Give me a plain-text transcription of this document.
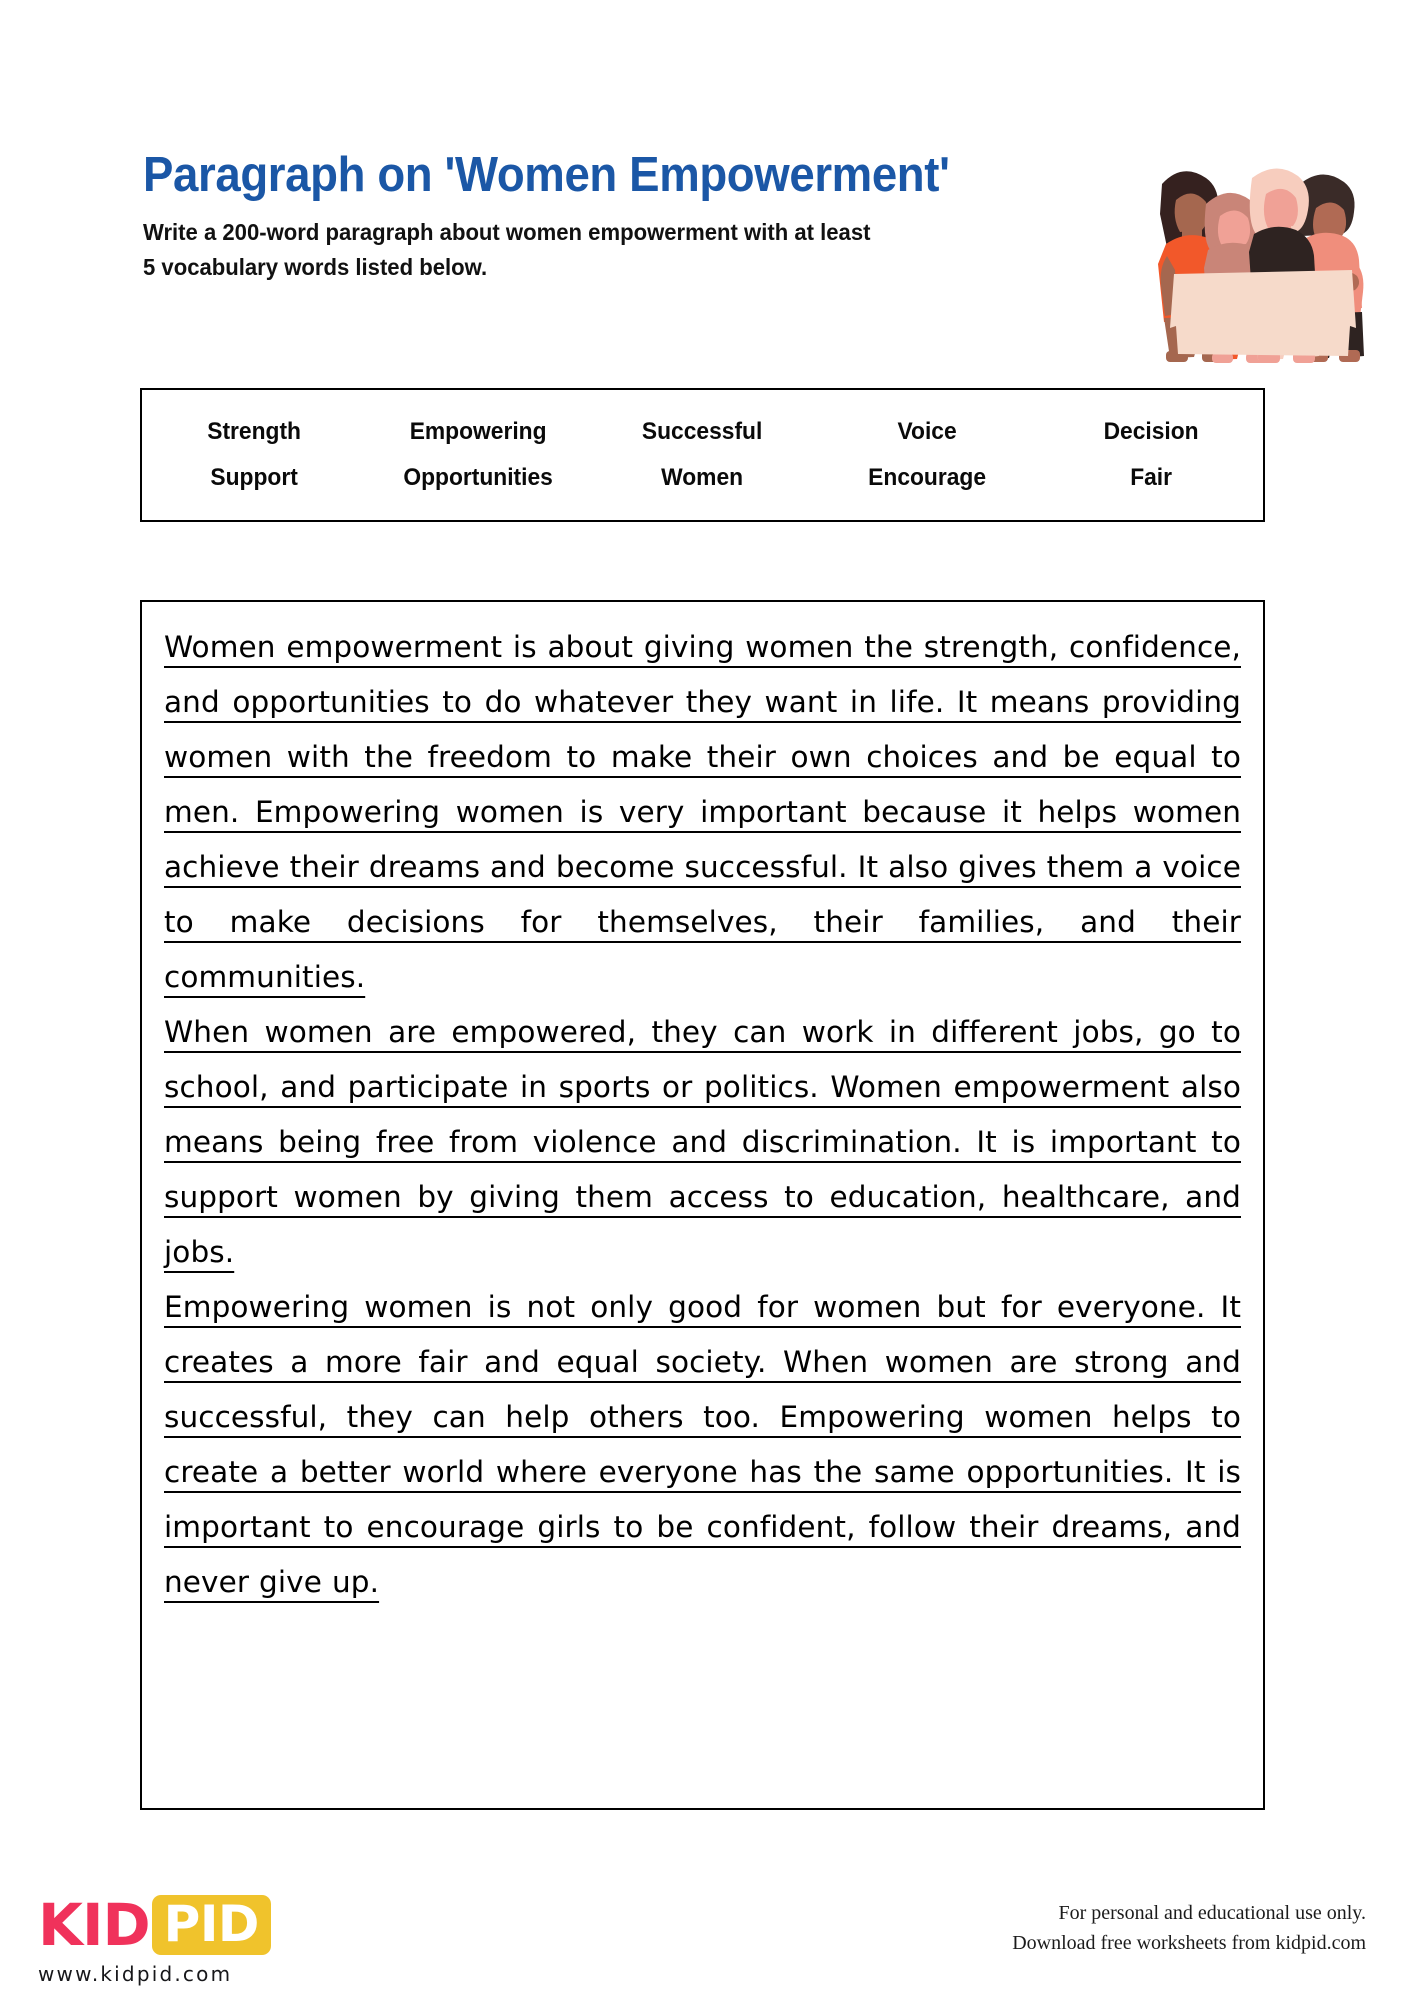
Paragraph on 'Women Empowerment'
Write a 200-word paragraph about women empowerment with at least
5 vocabulary words listed below.
Strength	Empowering	Successful	Voice	Decision
Support	Opportunities	Women	Encourage	Fair
Women empowerment is about giving women the strength, confidence, and opportunities to do whatever they want in life. It means providing women with the freedom to make their own choices and be equal to men. Empowering women is very important because it helps women achieve their dreams and become successful. It also gives them a voice to make decisions for themselves, their families, and their communities.
When women are empowered, they can work in different jobs, go to school, and participate in sports or politics. Women empowerment also means being free from violence and discrimination. It is important to support women by giving them access to education, healthcare, and jobs.
Empowering women is not only good for women but for everyone. It creates a more fair and equal society. When women are strong and successful, they can help others too. Empowering women helps to create a better world where everyone has the same opportunities. It is important to encourage girls to be confident, follow their dreams, and never give up.
KID PID
www.kidpid.com
For personal and educational use only.
Download free worksheets from kidpid.com
